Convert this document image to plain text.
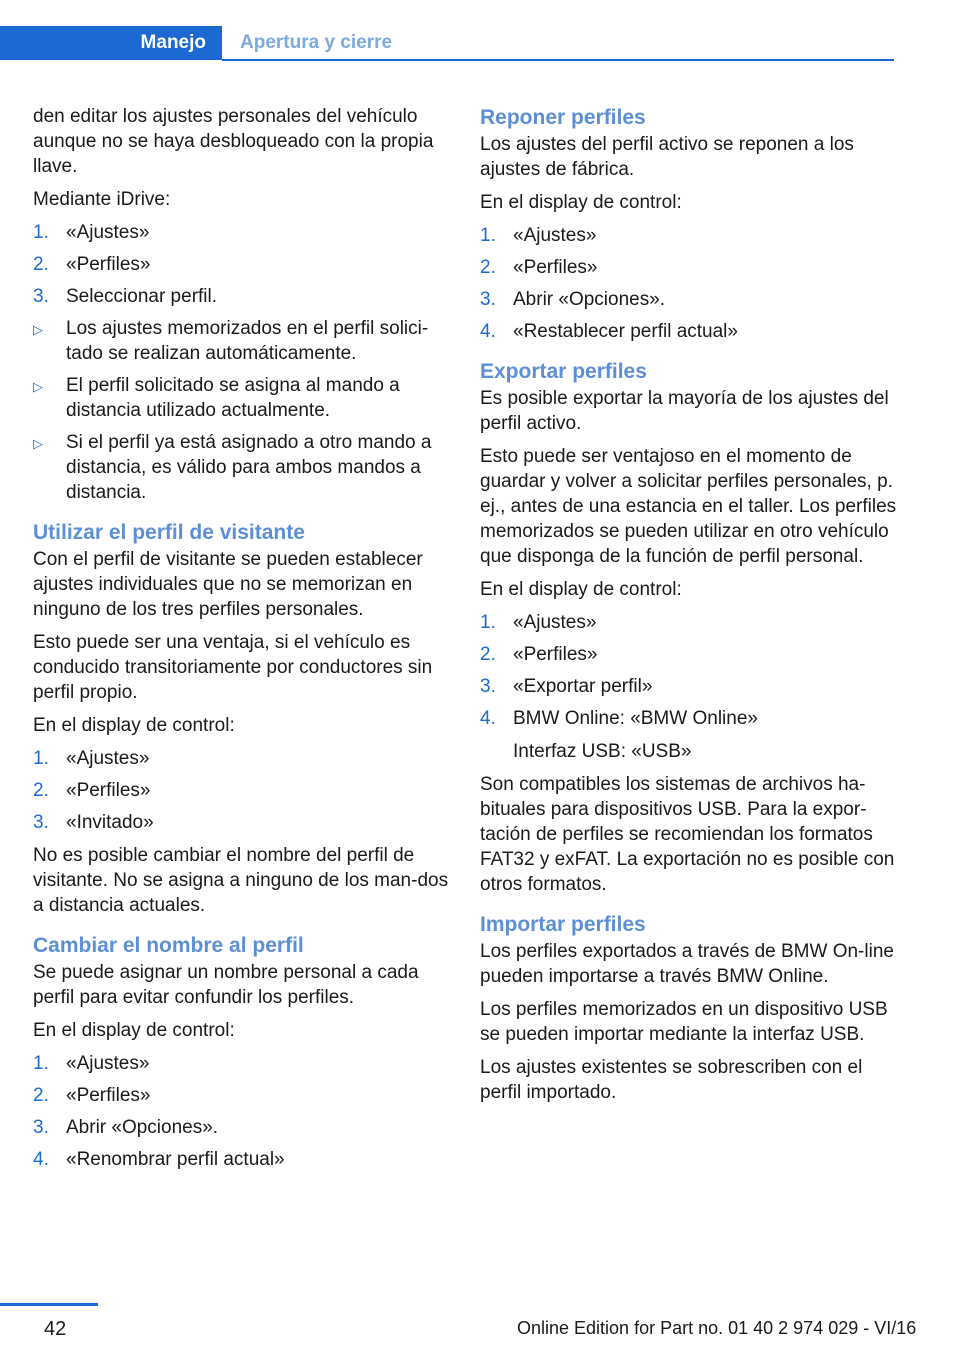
Manejo Apertura y cierre

den editar los ajustes personales del vehículo aunque no se haya desbloqueado con la propia llave.

Mediante iDrive:

1. «Ajustes»
2. «Perfiles»
3. Seleccionar perfil.
▷	Los ajustes memorizados en el perfil solici‐tado se realizan automáticamente.
▷	El perfil solicitado se asigna al mando a distancia utilizado actualmente.
▷	Si el perfil ya está asignado a otro mando a distancia, es válido para ambos mandos a distancia.
Utilizar el perfil de visitante

Con el perfil de visitante se pueden establecer ajustes individuales que no se memorizan en ninguno de los tres perfiles personales.

Esto puede ser una ventaja, si el vehículo es conducido transitoriamente por conductores sin perfil propio.

En el display de control:

1. «Ajustes»
2. «Perfiles»
3. «Invitado»

No es posible cambiar el nombre del perfil de visitante. No se asigna a ninguno de los man‐dos a distancia actuales.

Cambiar el nombre al perfil

Se puede asignar un nombre personal a cada perfil para evitar confundir los perfiles.

En el display de control:

1. «Ajustes»
2. «Perfiles»
3. Abrir «Opciones».
4. «Renombrar perfil actual»
Reponer perfiles

Los ajustes del perfil activo se reponen a los ajustes de fábrica.

En el display de control:

1. «Ajustes»
2. «Perfiles»
3. Abrir «Opciones».
4. «Restablecer perfil actual»
Exportar perfiles

Es posible exportar la mayoría de los ajustes del perfil activo.

Esto puede ser ventajoso en el momento de guardar y volver a solicitar perfiles personales, p. ej., antes de una estancia en el taller. Los perfiles memorizados se pueden utilizar en otro vehículo que disponga de la función de perfil personal.

En el display de control:

1. «Ajustes»
2. «Perfiles»
3. «Exportar perfil»
4. BMW Online: «BMW Online»

Interfaz USB: «USB»

Son compatibles los sistemas de archivos ha‐bituales para dispositivos USB. Para la expor‐tación de perfiles se recomiendan los formatos FAT32 y exFAT. La exportación no es posible con otros formatos.

Importar perfiles

Los perfiles exportados a través de BMW On‐line pueden importarse a través BMW Online.

Los perfiles memorizados en un dispositivo USB se pueden importar mediante la interfaz USB.

Los ajustes existentes se sobrescriben con el perfil importado.

42	Online Edition for Part no. 01 40 2 974 029 - VI/16
